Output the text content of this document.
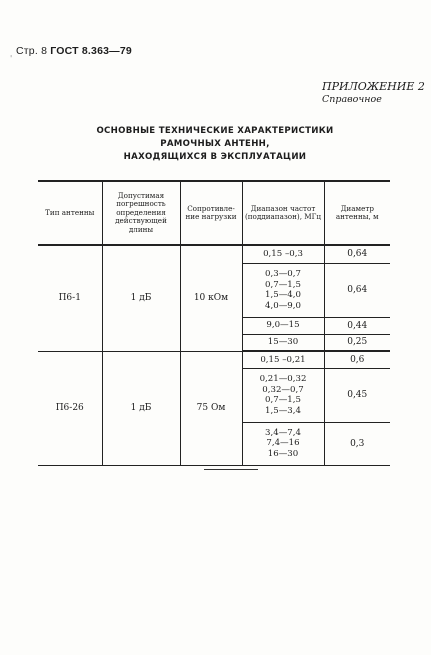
Стр. 8 ГОСТ 8.363—79
'
ПРИЛОЖЕНИЕ 2
Справочное
ОСНОВНЫЕ ТЕХНИЧЕСКИЕ ХАРАКТЕРИСТИКИ РАМОЧНЫХ АНТЕНН,
НАХОДЯЩИХСЯ В ЭКСПЛУАТАЦИИ
Тип антенны	Допустимая погрешность определения действующей длины	Сопротивле-ние нагрузки	Диапазон частот (поддиапазон), МГц	Диаметр антенны, м
П6-1	1 дБ	10 кОм	0,15 –0,3	0,64

			0,3—0,7
0,7—1,5
1,5—4,0
4,0—9,0	0,64

			9,0—15	0,44

			15—30	0,25
П6-26	1 дБ	75 Ом	0,15 –0,21	0,6

			0,21—0,32
0,32—0,7
0,7—1,5
1,5—3,4	0,45

			3,4—7,4
7,4—16
16—30	0,3
